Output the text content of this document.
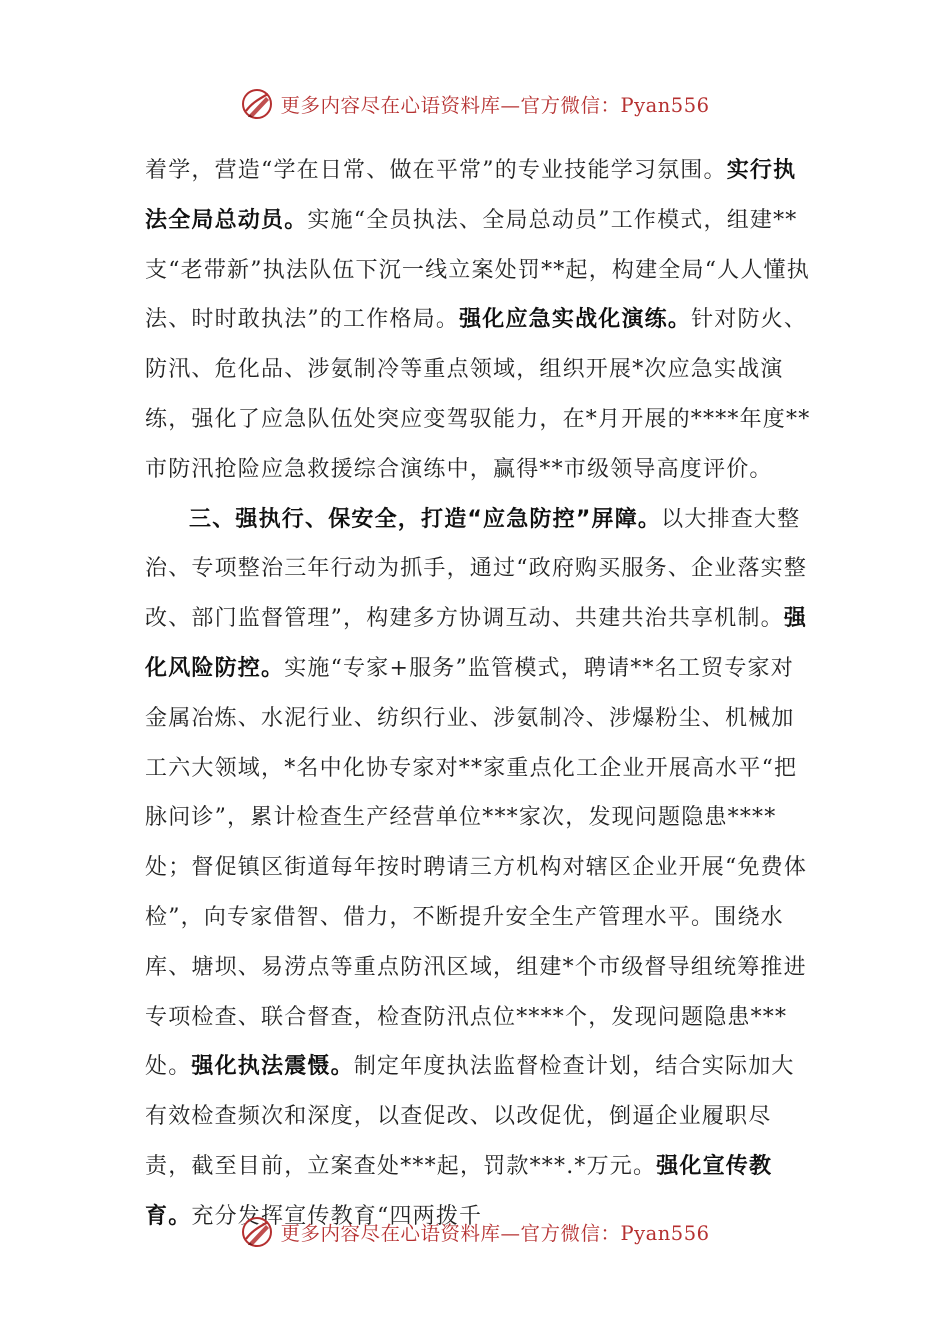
更多内容尽在心语资料库—官方微信：Pyan556

着学，营造“学在日常、做在平常”的专业技能学习氛围。实行执法全局总动员。实施“全员执法、全局总动员”工作模式，组建**支“老带新”执法队伍下沉一线立案处罚**起，构建全局“人人懂执法、时时敢执法”的工作格局。强化应急实战化演练。针对防火、防汛、危化品、涉氨制冷等重点领域，组织开展*次应急实战演练，强化了应急队伍处突应变驾驭能力，在*月开展的****年度**市防汛抢险应急救援综合演练中，赢得**市级领导高度评价。

三、强执行、保安全，打造“应急防控”屏障。以大排查大整治、专项整治三年行动为抓手，通过“政府购买服务、企业落实整改、部门监督管理”，构建多方协调互动、共建共治共享机制。强化风险防控。实施“专家+服务”监管模式，聘请**名工贸专家对金属冶炼、水泥行业、纺织行业、涉氨制冷、涉爆粉尘、机械加工六大领域，*名中化协专家对**家重点化工企业开展高水平“把脉问诊”，累计检查生产经营单位***家次，发现问题隐患****处；督促镇区街道每年按时聘请三方机构对辖区企业开展“免费体检”，向专家借智、借力，不断提升安全生产管理水平。围绕水库、塘坝、易涝点等重点防汛区域，组建*个市级督导组统筹推进专项检查、联合督查，检查防汛点位****个，发现问题隐患***处。强化执法震慑。制定年度执法监督检查计划，结合实际加大有效检查频次和深度，以查促改、以改促优，倒逼企业履职尽责，截至目前，立案查处***起，罚款***.*万元。强化宣传教育。充分发挥宣传教育“四两拨千

更多内容尽在心语资料库—官方微信：Pyan556
